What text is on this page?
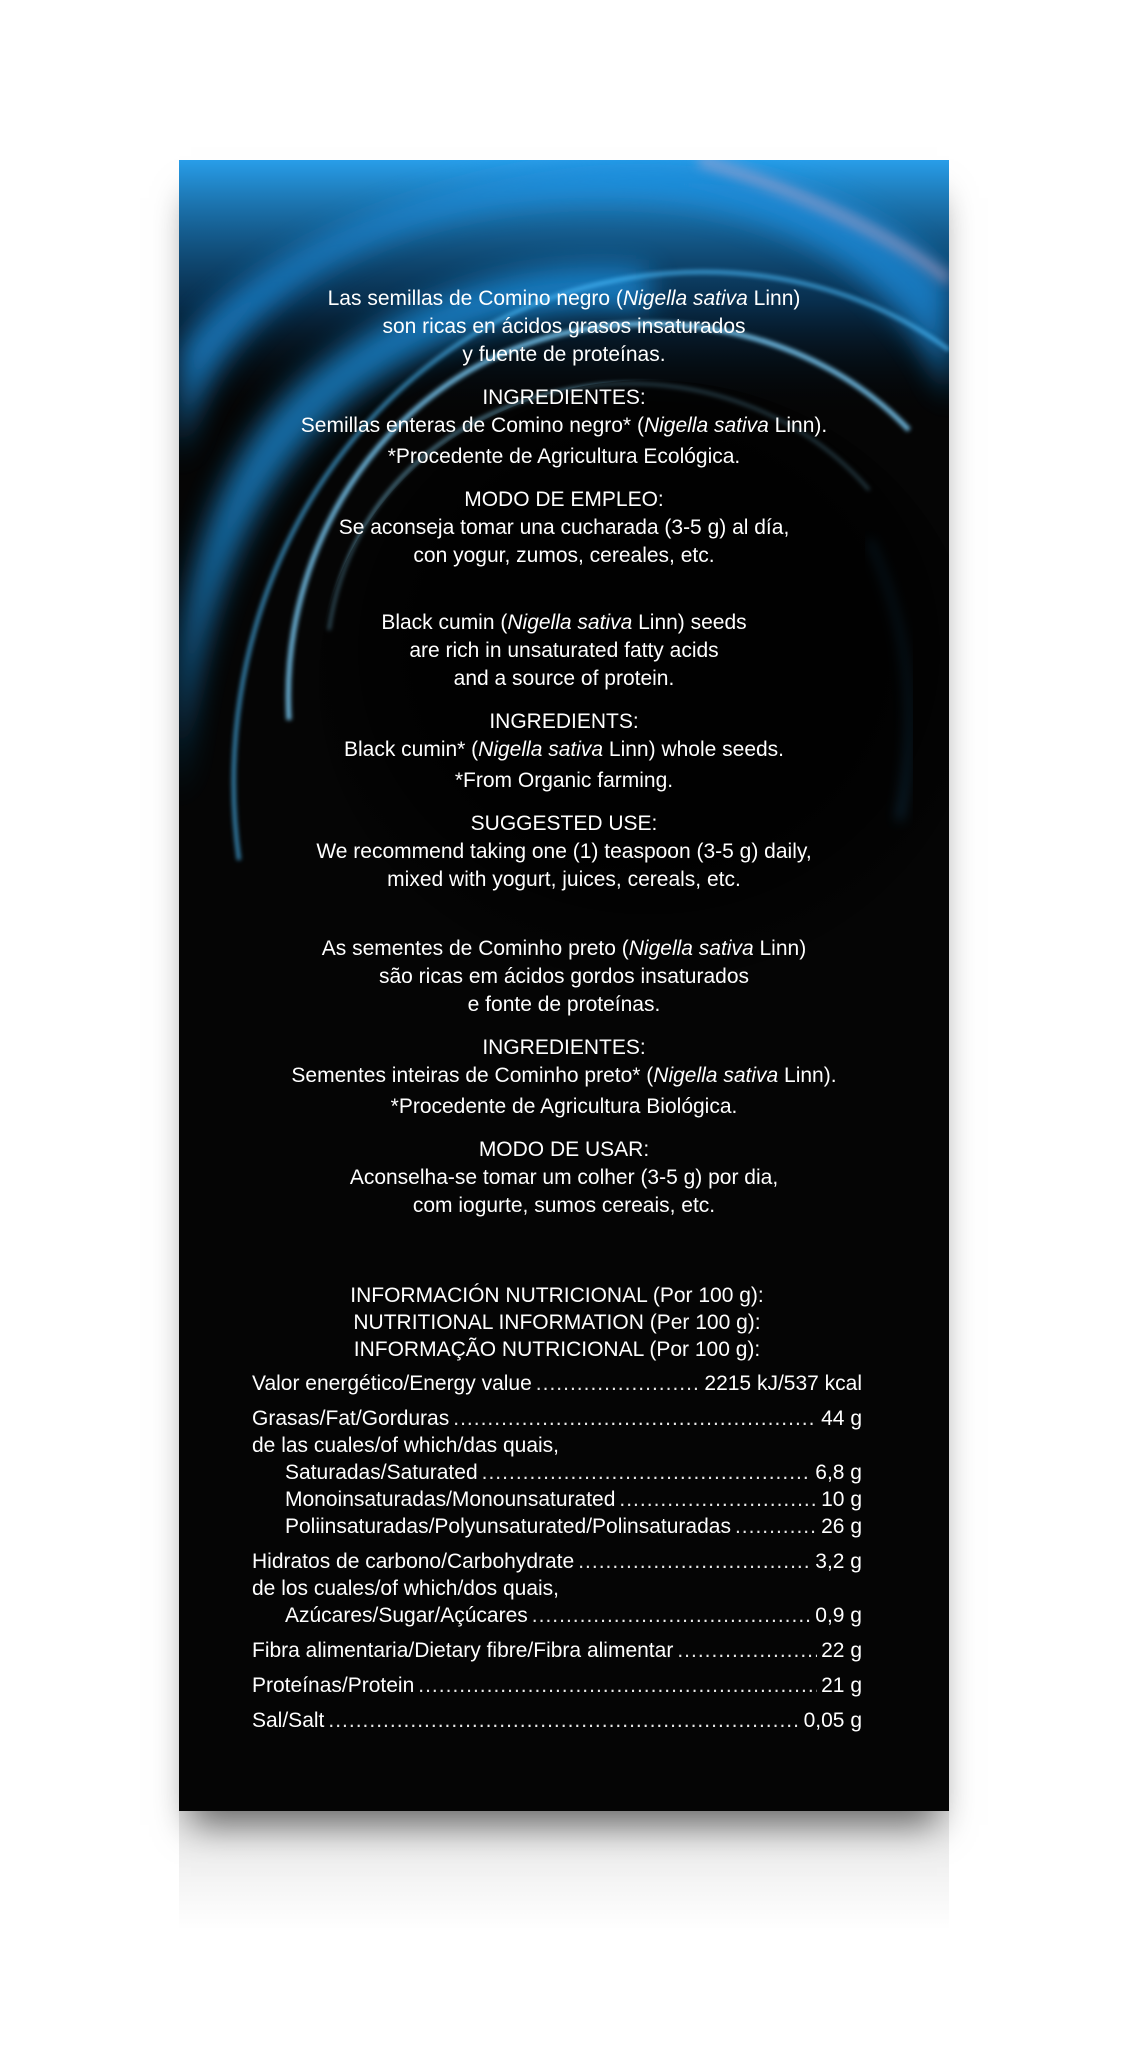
Las semillas de Comino negro (Nigella sativa Linn)
son ricas en ácidos grasos insaturados
y fuente de proteínas.
INGREDIENTES:
Semillas enteras de Comino negro* (Nigella sativa Linn).
*Procedente de Agricultura Ecológica.
MODO DE EMPLEO:
Se aconseja tomar una cucharada (3-5 g) al día,
con yogur, zumos, cereales, etc.
Black cumin (Nigella sativa Linn) seeds
are rich in unsaturated fatty acids
and a source of protein.
INGREDIENTS:
Black cumin* (Nigella sativa Linn) whole seeds.
*From Organic farming.
SUGGESTED USE:
We recommend taking one (1) teaspoon (3-5 g) daily,
mixed with yogurt, juices, cereals, etc.
As sementes de Cominho preto (Nigella sativa Linn)
são ricas em ácidos gordos insaturados
e fonte de proteínas.
INGREDIENTES:
Sementes inteiras de Cominho preto* (Nigella sativa Linn).
*Procedente de Agricultura Biológica.
MODO DE USAR:
Aconselha-se tomar um colher (3-5 g) por dia,
com iogurte, sumos cereais, etc.
INFORMACIÓN NUTRICIONAL (Por 100 g):
NUTRITIONAL INFORMATION (Per 100 g):
INFORMAÇÃO NUTRICIONAL (Por 100 g):
Valor energético/Energy value .....	2215 kJ/537 kcal
Grasas/Fat/Gorduras .....	44 g
de las cuales/of which/das quais,
Saturadas/Saturated .....	6,8 g
Monoinsaturadas/Monounsaturated .....	10 g
Poliinsaturadas/Polyunsaturated/Polinsaturadas .....	26 g
Hidratos de carbono/Carbohydrate .....	3,2 g
de los cuales/of which/dos quais,
Azúcares/Sugar/Açúcares .....	0,9 g
Fibra alimentaria/Dietary fibre/Fibra alimentar .....	22 g
Proteínas/Protein .....	21 g
Sal/Salt .....	0,05 g
